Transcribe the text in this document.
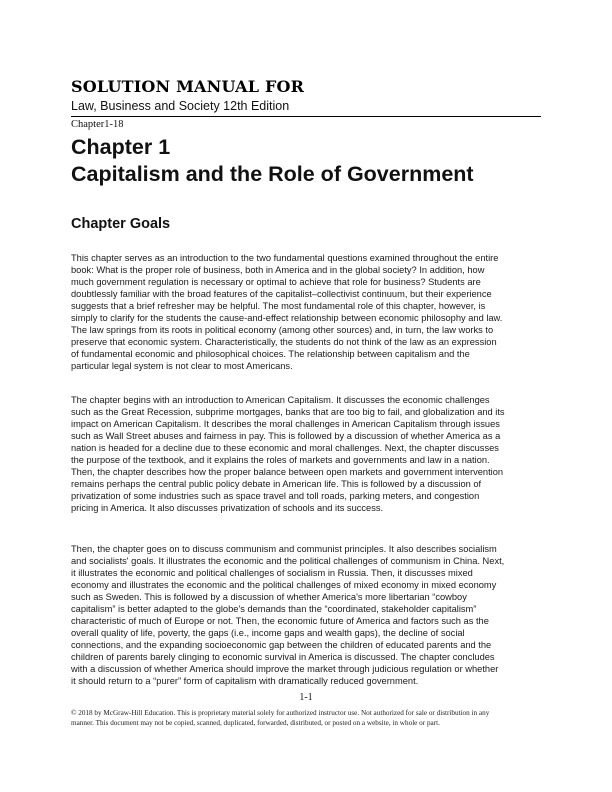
SOLUTION MANUAL FOR
Law, Business and Society 12th Edition
Chapter1-18
Chapter 1
Capitalism and the Role of Government
Chapter Goals
This chapter serves as an introduction to the two fundamental questions examined throughout the entire
book: What is the proper role of business, both in America and in the global society? In addition, how
much government regulation is necessary or optimal to achieve that role for business? Students are
doubtlessly familiar with the broad features of the capitalist–collectivist continuum, but their experience
suggests that a brief refresher may be helpful. The most fundamental role of this chapter, however, is
simply to clarify for the students the cause-and-effect relationship between economic philosophy and law.
The law springs from its roots in political economy (among other sources) and, in turn, the law works to
preserve that economic system. Characteristically, the students do not think of the law as an expression
of fundamental economic and philosophical choices. The relationship between capitalism and the
particular legal system is not clear to most Americans.
The chapter begins with an introduction to American Capitalism. It discusses the economic challenges
such as the Great Recession, subprime mortgages, banks that are too big to fail, and globalization and its
impact on American Capitalism. It describes the moral challenges in American Capitalism through issues
such as Wall Street abuses and fairness in pay. This is followed by a discussion of whether America as a
nation is headed for a decline due to these economic and moral challenges. Next, the chapter discusses
the purpose of the textbook, and it explains the roles of markets and governments and law in a nation.
Then, the chapter describes how the proper balance between open markets and government intervention
remains perhaps the central public policy debate in American life. This is followed by a discussion of
privatization of some industries such as space travel and toll roads, parking meters, and congestion
pricing in America. It also discusses privatization of schools and its success.
Then, the chapter goes on to discuss communism and communist principles. It also describes socialism
and socialists' goals. It illustrates the economic and the political challenges of communism in China. Next,
it illustrates the economic and political challenges of socialism in Russia. Then, it discusses mixed
economy and illustrates the economic and the political challenges of mixed economy in mixed economy
such as Sweden. This is followed by a discussion of whether America's more libertarian “cowboy
capitalism” is better adapted to the globe's demands than the “coordinated, stakeholder capitalism”
characteristic of much of Europe or not. Then, the economic future of America and factors such as the
overall quality of life, poverty, the gaps (i.e., income gaps and wealth gaps), the decline of social
connections, and the expanding socioeconomic gap between the children of educated parents and the
children of parents barely clinging to economic survival in America is discussed. The chapter concludes
with a discussion of whether America should improve the market through judicious regulation or whether
it should return to a “purer” form of capitalism with dramatically reduced government.
1-1
© 2018 by McGraw-Hill Education. This is proprietary material solely for authorized instructor use. Not authorized for sale or distribution in any
manner. This document may not be copied, scanned, duplicated, forwarded, distributed, or posted on a website, in whole or part.
